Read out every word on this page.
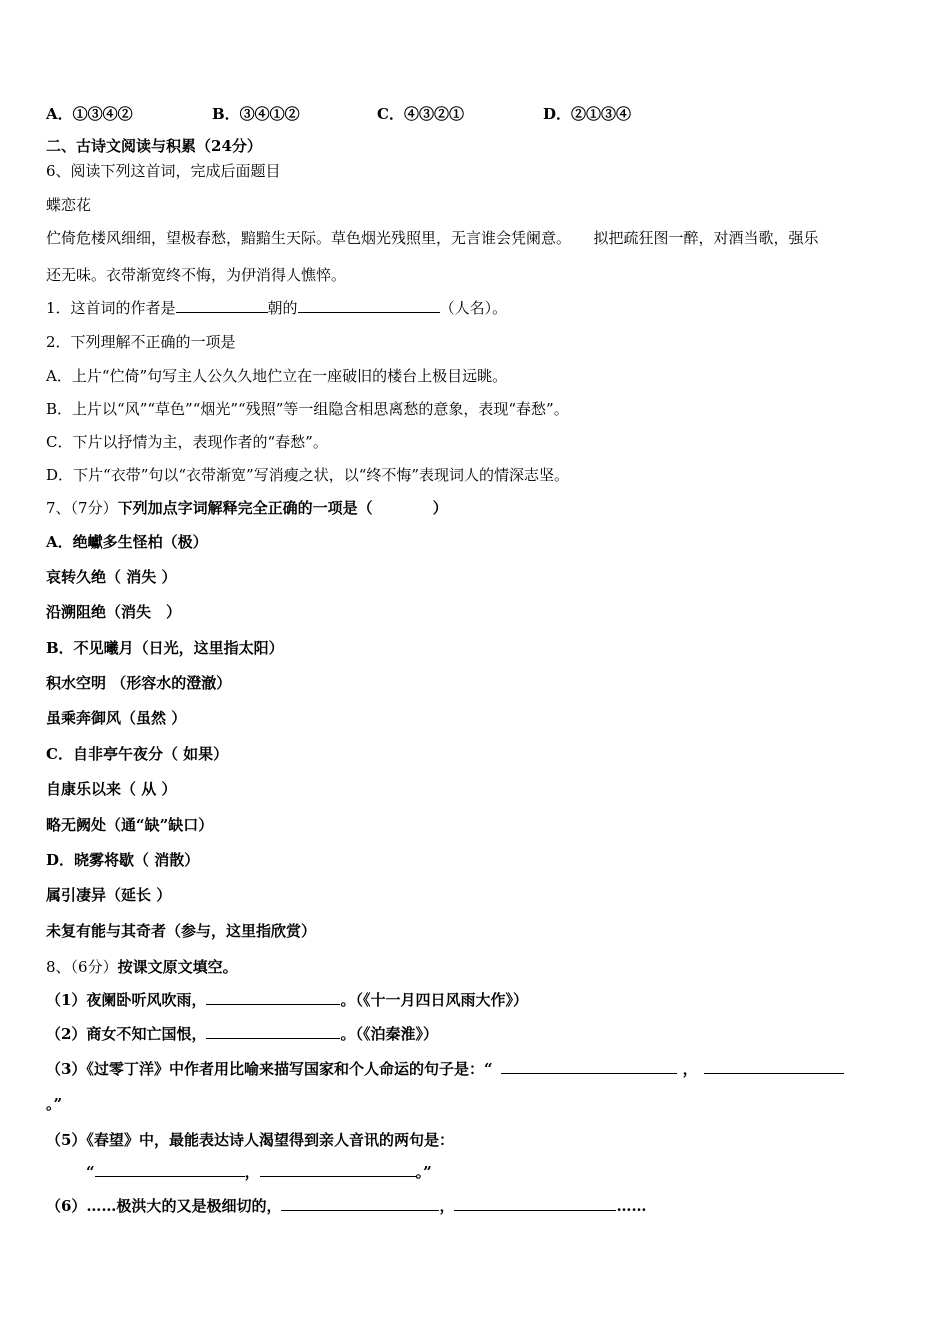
A．①③④②	B．③④①②	C．④③②①	D．②①③④
二、古诗文阅读与积累（24分）
6、阅读下列这首词，完成后面题目
蝶恋花
伫倚危楼风细细，望极春愁，黯黯生天际。草色烟光残照里，无言谁会凭阑意。　　拟把疏狂图一醉，对酒当歌，强乐
还无味。衣带渐宽终不悔，为伊消得人憔悴。
1．这首词的作者是	朝的	（人名）。
2．下列理解不正确的一项是
A．上片“伫倚”句写主人公久久地伫立在一座破旧的楼台上极目远眺。
B．上片以“风”“草色”“烟光”“残照”等一组隐含相思离愁的意象，表现“春愁”。
C．下片以抒情为主，表现作者的“春愁”。
D．下片“衣带”句以“衣带渐宽”写消瘦之状，以“终不悔”表现词人的情深志坚。
7、（7分）下列加点字词解释完全正确的一项是（　　　　）
A．绝巘多生怪柏（极）
哀转久绝（ 消失 ）
沿溯阻绝（消失　）
B．不见曦月（日光，这里指太阳）
积水空明 （形容水的澄澈）
虽乘奔御风（虽然 ）
C．自非亭午夜分（ 如果）
自康乐以来（ 从 ）
略无阙处（通“缺”缺口）
D．晓雾将歇（ 消散）
属引凄异（延长 ）
未复有能与其奇者（参与，这里指欣赏）
8、（6分）按课文原文填空。
（1）夜阑卧听风吹雨，	。（《十一月四日风雨大作》）
（2）商女不知亡国恨，	。（《泊秦淮》）
（3）《过零丁洋》中作者用比喻来描写国家和个人命运的句子是：“	，
。”
（5）《春望》中，最能表达诗人渴望得到亲人音讯的两句是：
“	，	。”
（6）……极洪大的又是极细切的，	，	……
